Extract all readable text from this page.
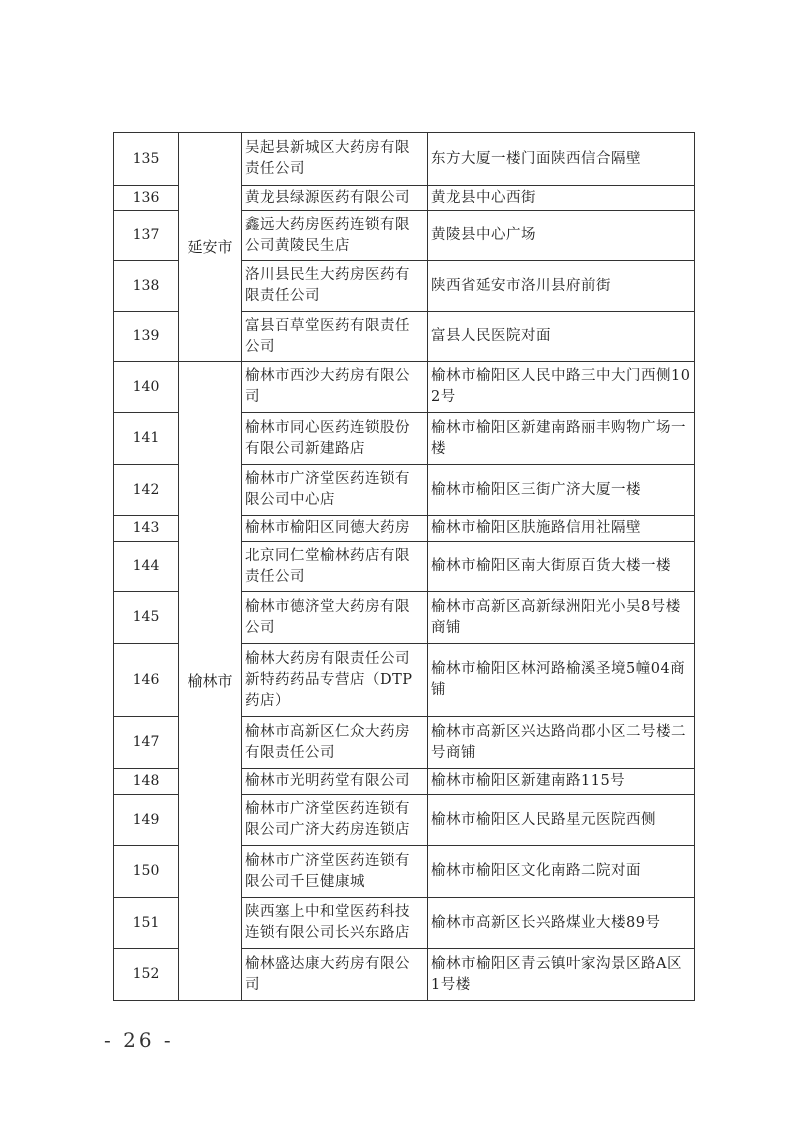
135	延安市	吴起县新城区大药房有限责任公司	东方大厦一楼门面陕西信合隔壁
136		黄龙县绿源医药有限公司	黄龙县中心西街
137		鑫远大药房医药连锁有限公司黄陵民生店	黄陵县中心广场
138		洛川县民生大药房医药有限责任公司	陕西省延安市洛川县府前街
139		富县百草堂医药有限责任公司	富县人民医院对面
140	榆林市	榆林市西沙大药房有限公司	榆林市榆阳区人民中路三中大门西侧102号
141		榆林市同心医药连锁股份有限公司新建路店	榆林市榆阳区新建南路丽丰购物广场一楼
142		榆林市广济堂医药连锁有限公司中心店	榆林市榆阳区三街广济大厦一楼
143		榆林市榆阳区同德大药房	榆林市榆阳区肤施路信用社隔壁
144		北京同仁堂榆林药店有限责任公司	榆林市榆阳区南大街原百货大楼一楼
145		榆林市德济堂大药房有限公司	榆林市高新区高新绿洲阳光小吴8号楼商铺
146		榆林大药房有限责任公司新特药药品专营店（DTP药店）	榆林市榆阳区林河路榆溪圣境5幢04商铺
147		榆林市高新区仁众大药房有限责任公司	榆林市高新区兴达路尚郡小区二号楼二号商铺
148		榆林市光明药堂有限公司	榆林市榆阳区新建南路115号
149		榆林市广济堂医药连锁有限公司广济大药房连锁店	榆林市榆阳区人民路星元医院西侧
150		榆林市广济堂医药连锁有限公司千巨健康城	榆林市榆阳区文化南路二院对面
151		陕西塞上中和堂医药科技连锁有限公司长兴东路店	榆林市高新区长兴路煤业大楼89号
152		榆林盛达康大药房有限公司	榆林市榆阳区青云镇叶家沟景区路A区1号楼
- 26 -
